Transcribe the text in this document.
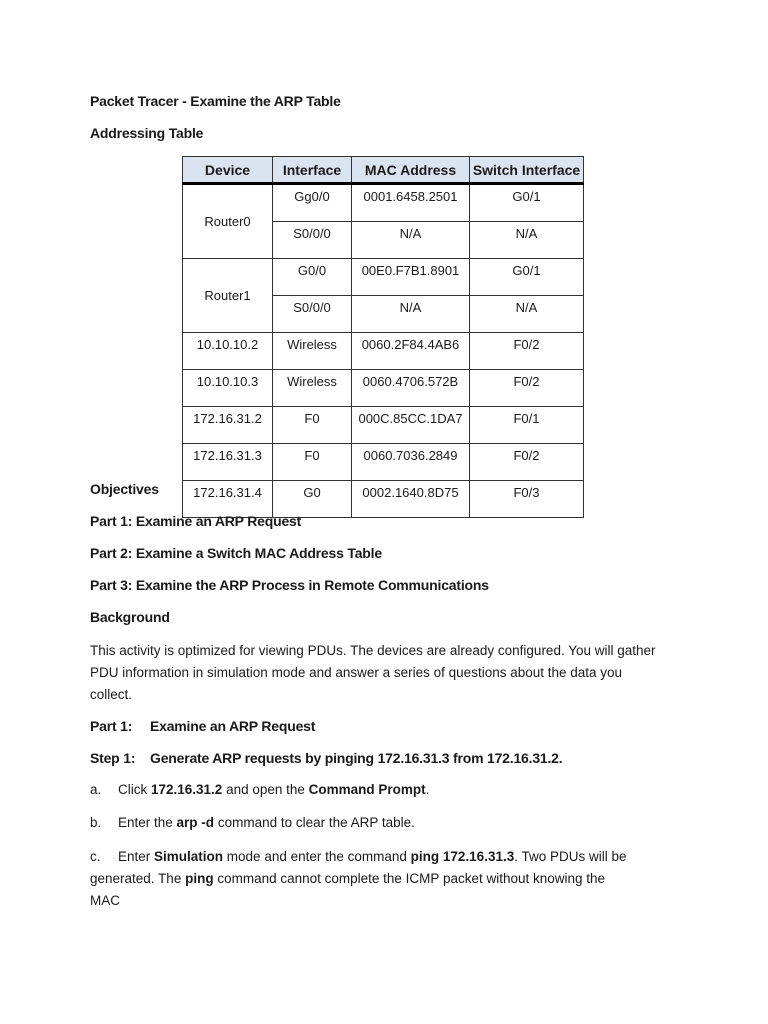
Packet Tracer - Examine the ARP Table
Addressing Table
Device	Interface	MAC Address	Switch Interface
Router0	Gg0/0	0001.6458.2501	G0/1
	S0/0/0	N/A	N/A
Router1	G0/0	00E0.F7B1.8901	G0/1
	S0/0/0	N/A	N/A
10.10.10.2	Wireless	0060.2F84.4AB6	F0/2
10.10.10.3	Wireless	0060.4706.572B	F0/2
172.16.31.2	F0	000C.85CC.1DA7	F0/1
172.16.31.3	F0	0060.7036.2849	F0/2
172.16.31.4	G0	0002.1640.8D75	F0/3
Objectives
Part 1: Examine an ARP Request
Part 2: Examine a Switch MAC Address Table
Part 3: Examine the ARP Process in Remote Communications
Background
This activity is optimized for viewing PDUs. The devices are already configured. You will gather
PDU information in simulation mode and answer a series of questions about the data you
collect.
Part 1: Examine an ARP Request
Step 1: Generate ARP requests by pinging 172.16.31.3 from 172.16.31.2.
a. Click 172.16.31.2 and open the Command Prompt.
b. Enter the arp -d command to clear the ARP table.
c. Enter Simulation mode and enter the command ping 172.16.31.3. Two PDUs will be
generated. The ping command cannot complete the ICMP packet without knowing the
MAC
